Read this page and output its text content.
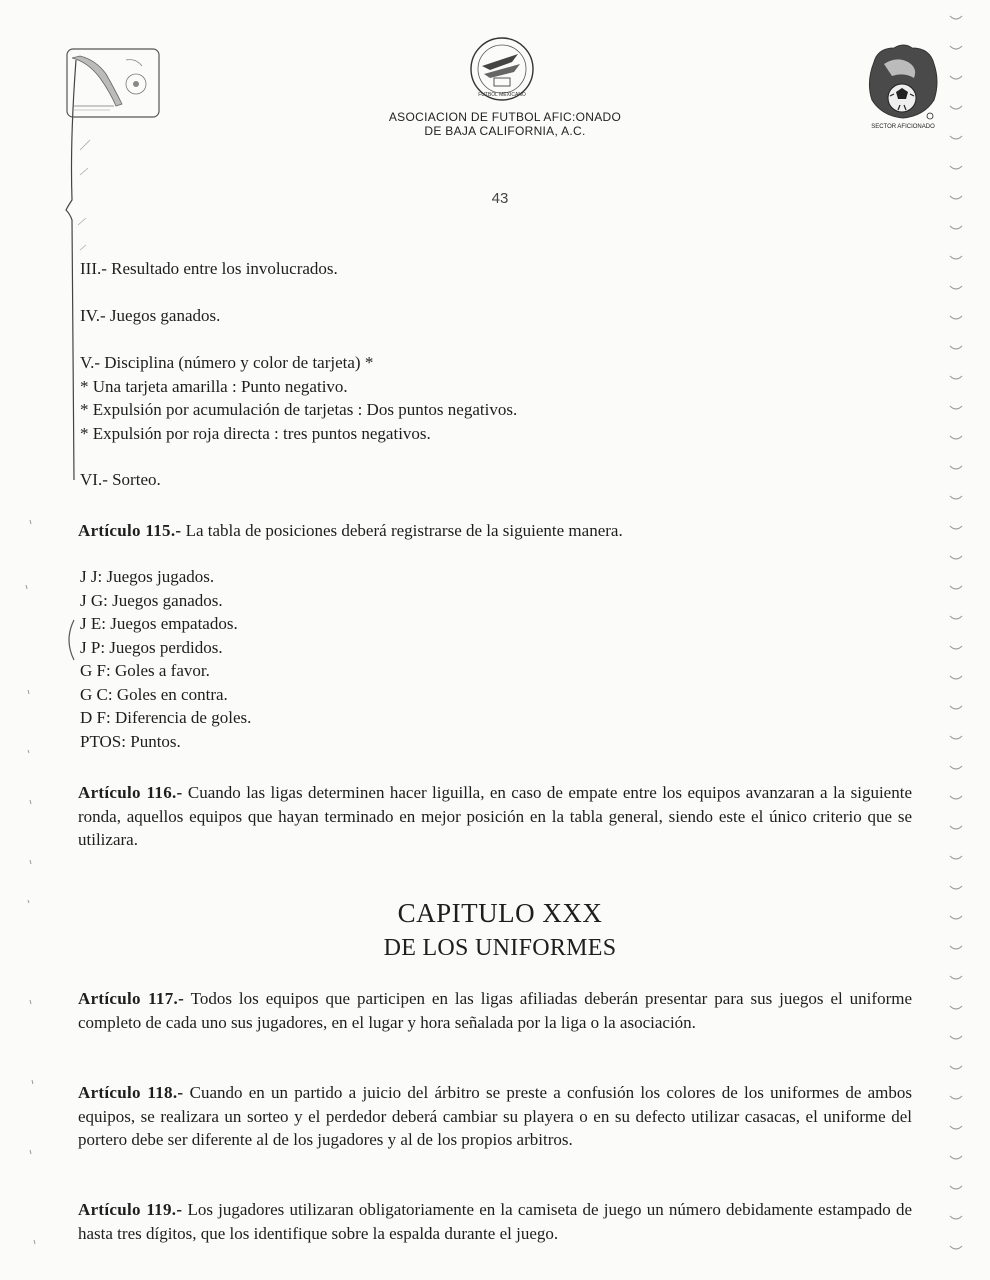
FUTBOL MEXICANO
SECTOR AFICIONADO
ASOCIACION DE FUTBOL AFIC:ONADO
DE BAJA CALIFORNIA, A.C.
43
III.- Resultado entre los involucrados.
IV.- Juegos ganados.
V.- Disciplina (número y color de tarjeta) *
* Una tarjeta amarilla : Punto negativo.
* Expulsión por acumulación de tarjetas : Dos puntos negativos.
* Expulsión por roja directa : tres puntos negativos.
VI.- Sorteo.
Artículo 115.- La tabla de posiciones deberá registrarse de la siguiente manera.
J J: Juegos jugados.
J G: Juegos ganados.
J E: Juegos empatados.
J P: Juegos perdidos.
G F: Goles a favor.
G C: Goles en contra.
D F: Diferencia de goles.
PTOS: Puntos.
Artículo 116.- Cuando las ligas determinen hacer liguilla, en caso de empate entre los equipos avanzaran a la siguiente ronda, aquellos equipos que hayan terminado en mejor posición en la tabla general, siendo este el único criterio que se utilizara.
CAPITULO XXX
DE LOS UNIFORMES
Artículo 117.- Todos los equipos que participen en las ligas afiliadas deberán presentar para sus juegos el uniforme completo de cada uno sus jugadores, en el lugar y hora señalada por la liga o la asociación.
Artículo 118.- Cuando en un partido a juicio del árbitro se preste a confusión los colores de los uniformes de ambos equipos, se realizara un sorteo y el perdedor deberá cambiar su playera o en su defecto utilizar casacas, el uniforme del portero debe ser diferente al de los jugadores y al de los propios arbitros.
Artículo 119.- Los jugadores utilizaran obligatoriamente en la camiseta de juego un número debidamente estampado de hasta tres dígitos, que los identifique sobre la espalda durante el juego.
